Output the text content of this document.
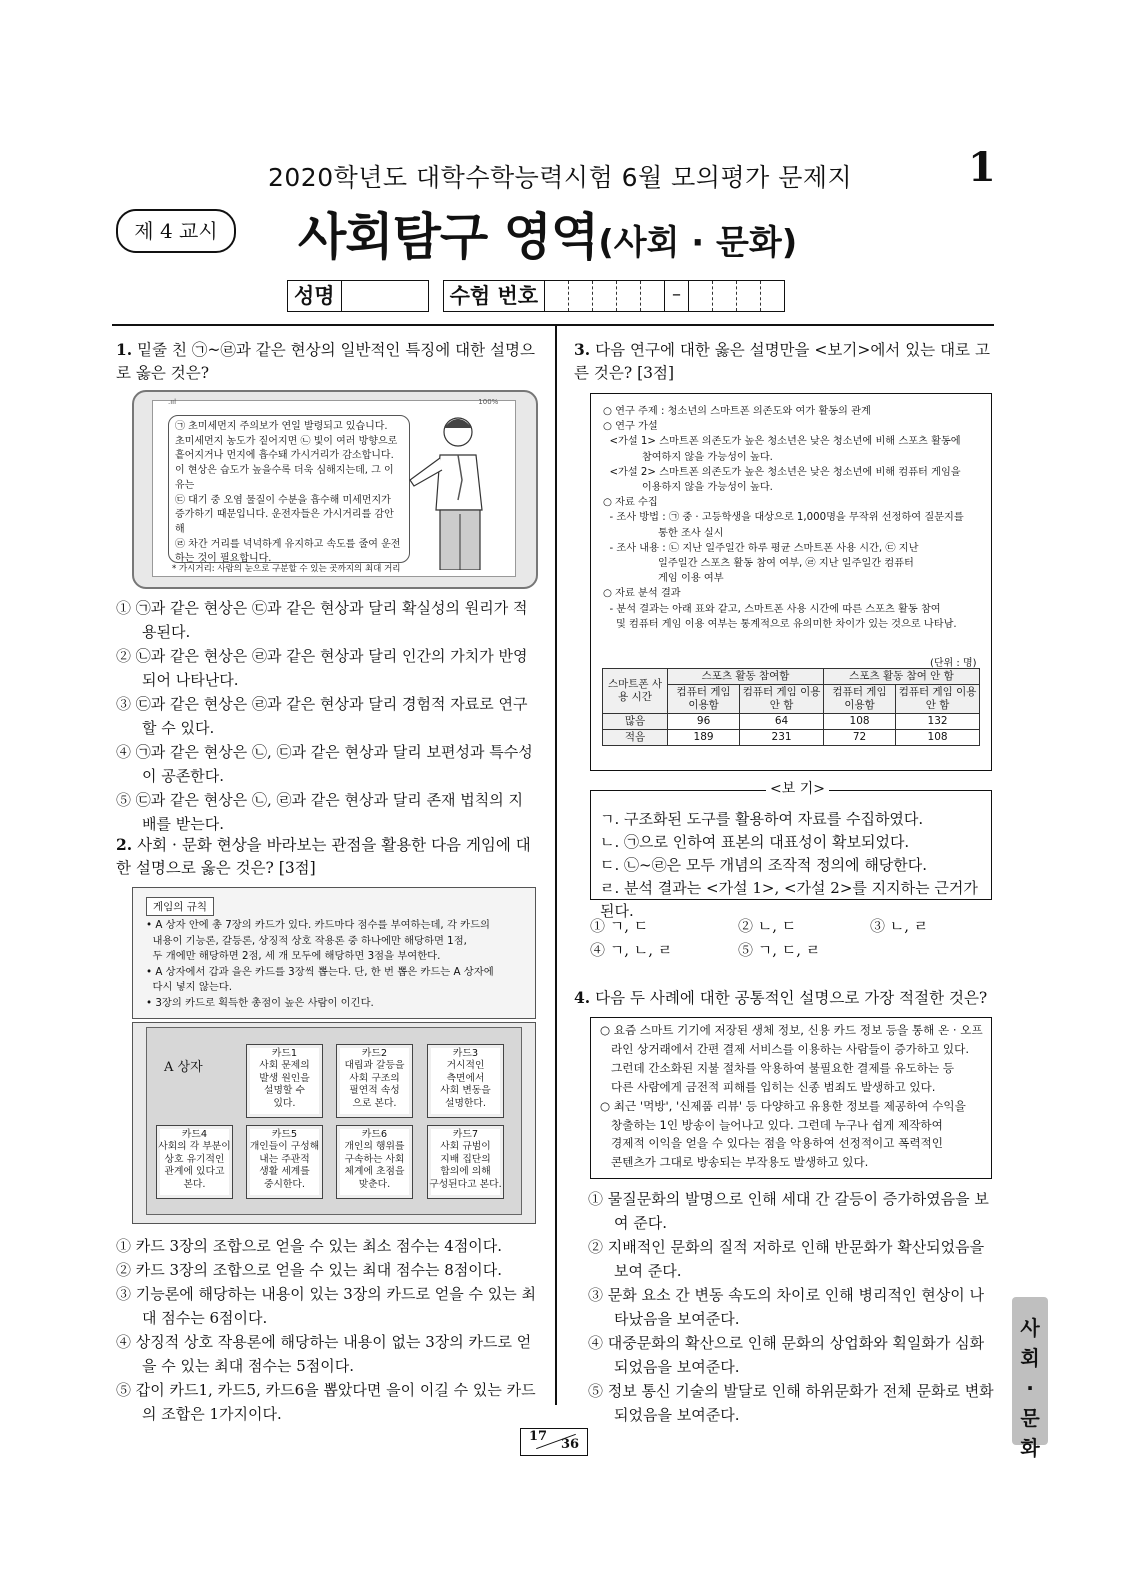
2020학년도 대학수학능력시험 6월 모의평가 문제지	1
제 4 교시	사회탐구 영역(사회 · 문화)
성명	수험 번호	–
1. 밑줄 친 ㉠~㉣과 같은 현상의 일반적인 특징에 대한 설명으로 옳은 것은?
.ııl	100%
㉠ 초미세먼지 주의보가 연일 발령되고 있습니다.
초미세먼지 농도가 짙어지면 ㉡ 빛이 여러 방향으로
흩어지거나 먼지에 흡수돼 가시거리가 감소합니다.
이 현상은 습도가 높을수록 더욱 심해지는데, 그 이유는
㉢ 대기 중 오염 물질이 수분을 흡수해 미세먼지가
증가하기 때문입니다. 운전자들은 가시거리를 감안해
㉣ 차간 거리를 넉넉하게 유지하고 속도를 줄여 운전
하는 것이 필요합니다.
* 가시거리: 사람의 눈으로 구분할 수 있는 곳까지의 최대 거리
① ㉠과 같은 현상은 ㉢과 같은 현상과 달리 확실성의 원리가 적용된다.
② ㉡과 같은 현상은 ㉣과 같은 현상과 달리 인간의 가치가 반영되어 나타난다.
③ ㉢과 같은 현상은 ㉣과 같은 현상과 달리 경험적 자료로 연구할 수 있다.
④ ㉠과 같은 현상은 ㉡, ㉢과 같은 현상과 달리 보편성과 특수성이 공존한다.
⑤ ㉢과 같은 현상은 ㉡, ㉣과 같은 현상과 달리 존재 법칙의 지배를 받는다.
2. 사회 · 문화 현상을 바라보는 관점을 활용한 다음 게임에 대한 설명으로 옳은 것은? [3점]
게임의 규칙
• A 상자 안에 총 7장의 카드가 있다. 카드마다 점수를 부여하는데, 각 카드의
내용이 기능론, 갈등론, 상징적 상호 작용론 중 하나에만 해당하면 1점,
두 개에만 해당하면 2점, 세 개 모두에 해당하면 3점을 부여한다.
• A 상자에서 갑과 을은 카드를 3장씩 뽑는다. 단, 한 번 뽑은 카드는 A 상자에
다시 넣지 않는다.
• 3장의 카드로 획득한 총점이 높은 사람이 이긴다.
A 상자
카드1
사회 문제의
발생 원인을
설명할 수
있다.
카드2
대립과 갈등을
사회 구조의
필연적 속성
으로 본다.
카드3
거시적인
측면에서
사회 변동을
설명한다.
카드4
사회의 각 부분이
상호 유기적인
관계에 있다고
본다.
카드5
개인들이 구성해
내는 주관적
생활 세계를
중시한다.
카드6
개인의 행위를
구속하는 사회
체계에 초점을
맞춘다.
카드7
사회 규범이
지배 집단의
합의에 의해
구성된다고 본다.
① 카드 3장의 조합으로 얻을 수 있는 최소 점수는 4점이다.
② 카드 3장의 조합으로 얻을 수 있는 최대 점수는 8점이다.
③ 기능론에 해당하는 내용이 있는 3장의 카드로 얻을 수 있는 최대 점수는 6점이다.
④ 상징적 상호 작용론에 해당하는 내용이 없는 3장의 카드로 얻을 수 있는 최대 점수는 5점이다.
⑤ 갑이 카드1, 카드5, 카드6을 뽑았다면 을이 이길 수 있는 카드의 조합은 1가지이다.
3. 다음 연구에 대한 옳은 설명만을 <보기>에서 있는 대로 고른 것은? [3점]
○ 연구 주제 : 청소년의 스마트폰 의존도와 여가 활동의 관계
○ 연구 가설
<가설 1> 스마트폰 의존도가 높은 청소년은 낮은 청소년에 비해 스포츠 활동에
참여하지 않을 가능성이 높다.
<가설 2> 스마트폰 의존도가 높은 청소년은 낮은 청소년에 비해 컴퓨터 게임을
이용하지 않을 가능성이 높다.
○ 자료 수집
- 조사 방법 : ㉠ 중 · 고등학생을 대상으로 1,000명을 무작위 선정하여 질문지를
통한 조사 실시
- 조사 내용 : ㉡ 지난 일주일간 하루 평균 스마트폰 사용 시간, ㉢ 지난
일주일간 스포츠 활동 참여 여부, ㉣ 지난 일주일간 컴퓨터
게임 이용 여부
○ 자료 분석 결과
- 분석 결과는 아래 표와 같고, 스마트폰 사용 시간에 따른 스포츠 활동 참여
및 컴퓨터 게임 이용 여부는 통계적으로 유의미한 차이가 있는 것으로 나타남.
(단위 : 명)
스마트폰 사용 시간	스포츠 활동 참여함		스포츠 활동 참여 안 함	
	컴퓨터 게임 이용함	컴퓨터 게임 이용 안 함	컴퓨터 게임 이용함	컴퓨터 게임 이용 안 함
많음	96	64	108	132
적음	189	231	72	108
<보 기>
ㄱ. 구조화된 도구를 활용하여 자료를 수집하였다.
ㄴ. ㉠으로 인하여 표본의 대표성이 확보되었다.
ㄷ. ㉡~㉣은 모두 개념의 조작적 정의에 해당한다.
ㄹ. 분석 결과는 <가설 1>, <가설 2>를 지지하는 근거가 된다.
① ㄱ, ㄷ	② ㄴ, ㄷ	③ ㄴ, ㄹ
④ ㄱ, ㄴ, ㄹ	⑤ ㄱ, ㄷ, ㄹ
4. 다음 두 사례에 대한 공통적인 설명으로 가장 적절한 것은?
○ 요즘 스마트 기기에 저장된 생체 정보, 신용 카드 정보 등을 통해 온 · 오프
라인 상거래에서 간편 결제 서비스를 이용하는 사람들이 증가하고 있다.
그런데 간소화된 지불 절차를 악용하여 불필요한 결제를 유도하는 등
다른 사람에게 금전적 피해를 입히는 신종 범죄도 발생하고 있다.
○ 최근 '먹방', '신제품 리뷰' 등 다양하고 유용한 정보를 제공하여 수익을
창출하는 1인 방송이 늘어나고 있다. 그런데 누구나 쉽게 제작하여
경제적 이익을 얻을 수 있다는 점을 악용하여 선정적이고 폭력적인
콘텐츠가 그대로 방송되는 부작용도 발생하고 있다.
① 물질문화의 발명으로 인해 세대 간 갈등이 증가하였음을 보여 준다.
② 지배적인 문화의 질적 저하로 인해 반문화가 확산되었음을 보여 준다.
③ 문화 요소 간 변동 속도의 차이로 인해 병리적인 현상이 나타났음을 보여준다.
④ 대중문화의 확산으로 인해 문화의 상업화와 획일화가 심화되었음을 보여준다.
⑤ 정보 통신 기술의 발달로 인해 하위문화가 전체 문화로 변화되었음을 보여준다.
사회·문화
17
36
